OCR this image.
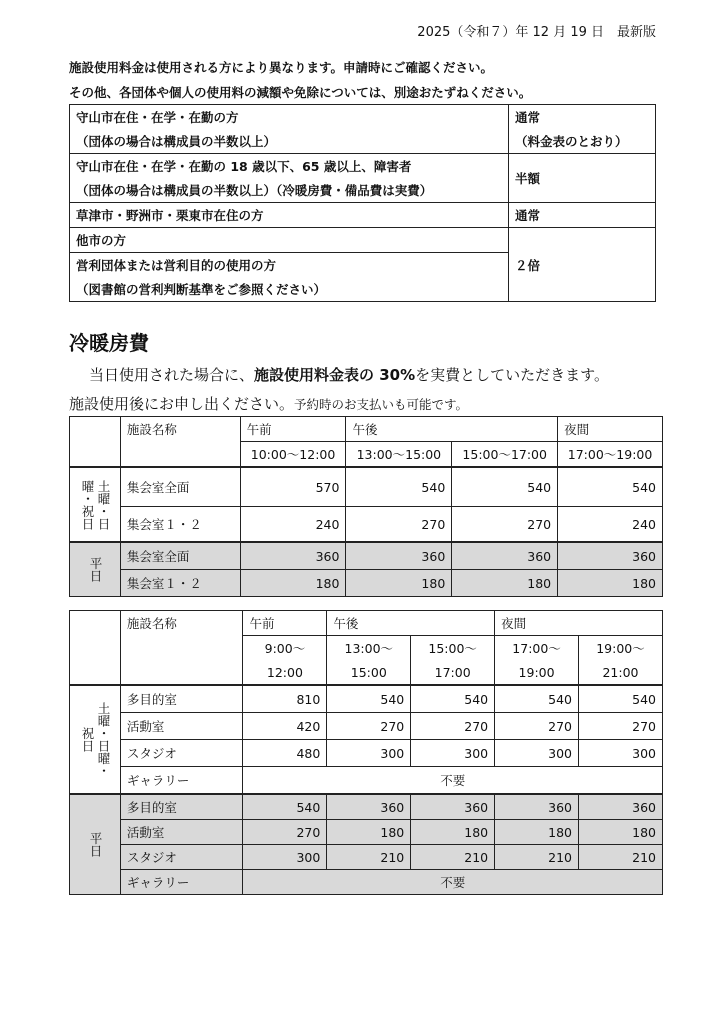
2025（令和７）年 12 月 19 日　最新版
施設使用料金は使用される方により異なります。申請時にご確認ください。
その他、各団体や個人の使用料の減額や免除については、別途おたずねください。
守山市在住・在学・在勤の方	通常
（団体の場合は構成員の半数以上）	（料金表のとおり）
守山市在住・在学・在勤の 18 歳以下、65 歳以上、障害者	半額
（団体の場合は構成員の半数以上）（冷暖房費・備品費は実費）	
草津市・野洲市・栗東市在住の方	通常
他市の方	２倍
営利団体または営利目的の使用の方	
（図書館の営利判断基準をご参照ください）	
冷暖房費
当日使用された場合に、施設使用料金表の 30%を実費としていただきます。
施設使用後にお申し出ください。予約時のお支払いも可能です。
	施設名称	午前	午後		夜間
		10:00〜12:00	13:00〜15:00	15:00〜17:00	17:00〜19:00

曜・祝日 土曜・日	集会室全面	570	540	540	540
	集会室１・２	240	270	270	240

平日	集会室全面	360	360	360	360
	集会室１・２	180	180	180	180
	施設名称	午前	午後		夜間	
		9:00〜	13:00〜	15:00〜	17:00〜	19:00〜
		12:00	15:00	17:00	19:00	21:00

祝日 土曜・日曜・	多目的室	810	540	540	540	540
	活動室	420	270	270	270	270
	スタジオ	480	300	300	300	300
	ギャラリー	不要				

平日	多目的室	540	360	360	360	360
	活動室	270	180	180	180	180
	スタジオ	300	210	210	210	210
	ギャラリー	不要				
